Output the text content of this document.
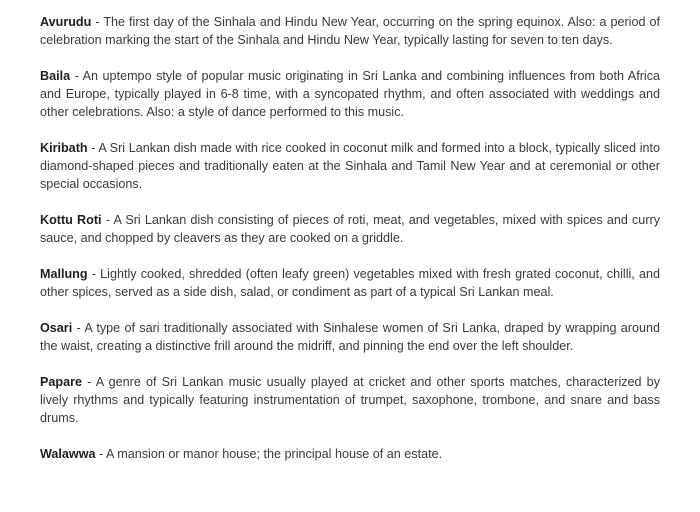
Avurudu - The first day of the Sinhala and Hindu New Year, occurring on the spring equinox. Also: a period of celebration marking the start of the Sinhala and Hindu New Year, typically lasting for seven to ten days.

Baila - An uptempo style of popular music originating in Sri Lanka and combining influences from both Africa and Europe, typically played in 6-8 time, with a syncopated rhythm, and often associated with weddings and other celebrations. Also: a style of dance performed to this music.

Kiribath - A Sri Lankan dish made with rice cooked in coconut milk and formed into a block, typically sliced into diamond-shaped pieces and traditionally eaten at the Sinhala and Tamil New Year and at ceremonial or other special occasions.

Kottu Roti - A Sri Lankan dish consisting of pieces of roti, meat, and vegetables, mixed with spices and curry sauce, and chopped by cleavers as they are cooked on a griddle.

Mallung - Lightly cooked, shredded (often leafy green) vegetables mixed with fresh grated coconut, chilli, and other spices, served as a side dish, salad, or condiment as part of a typical Sri Lankan meal.

Osari - A type of sari traditionally associated with Sinhalese women of Sri Lanka, draped by wrapping around the waist, creating a distinctive frill around the midriff, and pinning the end over the left shoulder.

Papare - A genre of Sri Lankan music usually played at cricket and other sports matches, characterized by lively rhythms and typically featuring instrumentation of trumpet, saxophone, trombone, and snare and bass drums.

Walawwa - A mansion or manor house; the principal house of an estate.
